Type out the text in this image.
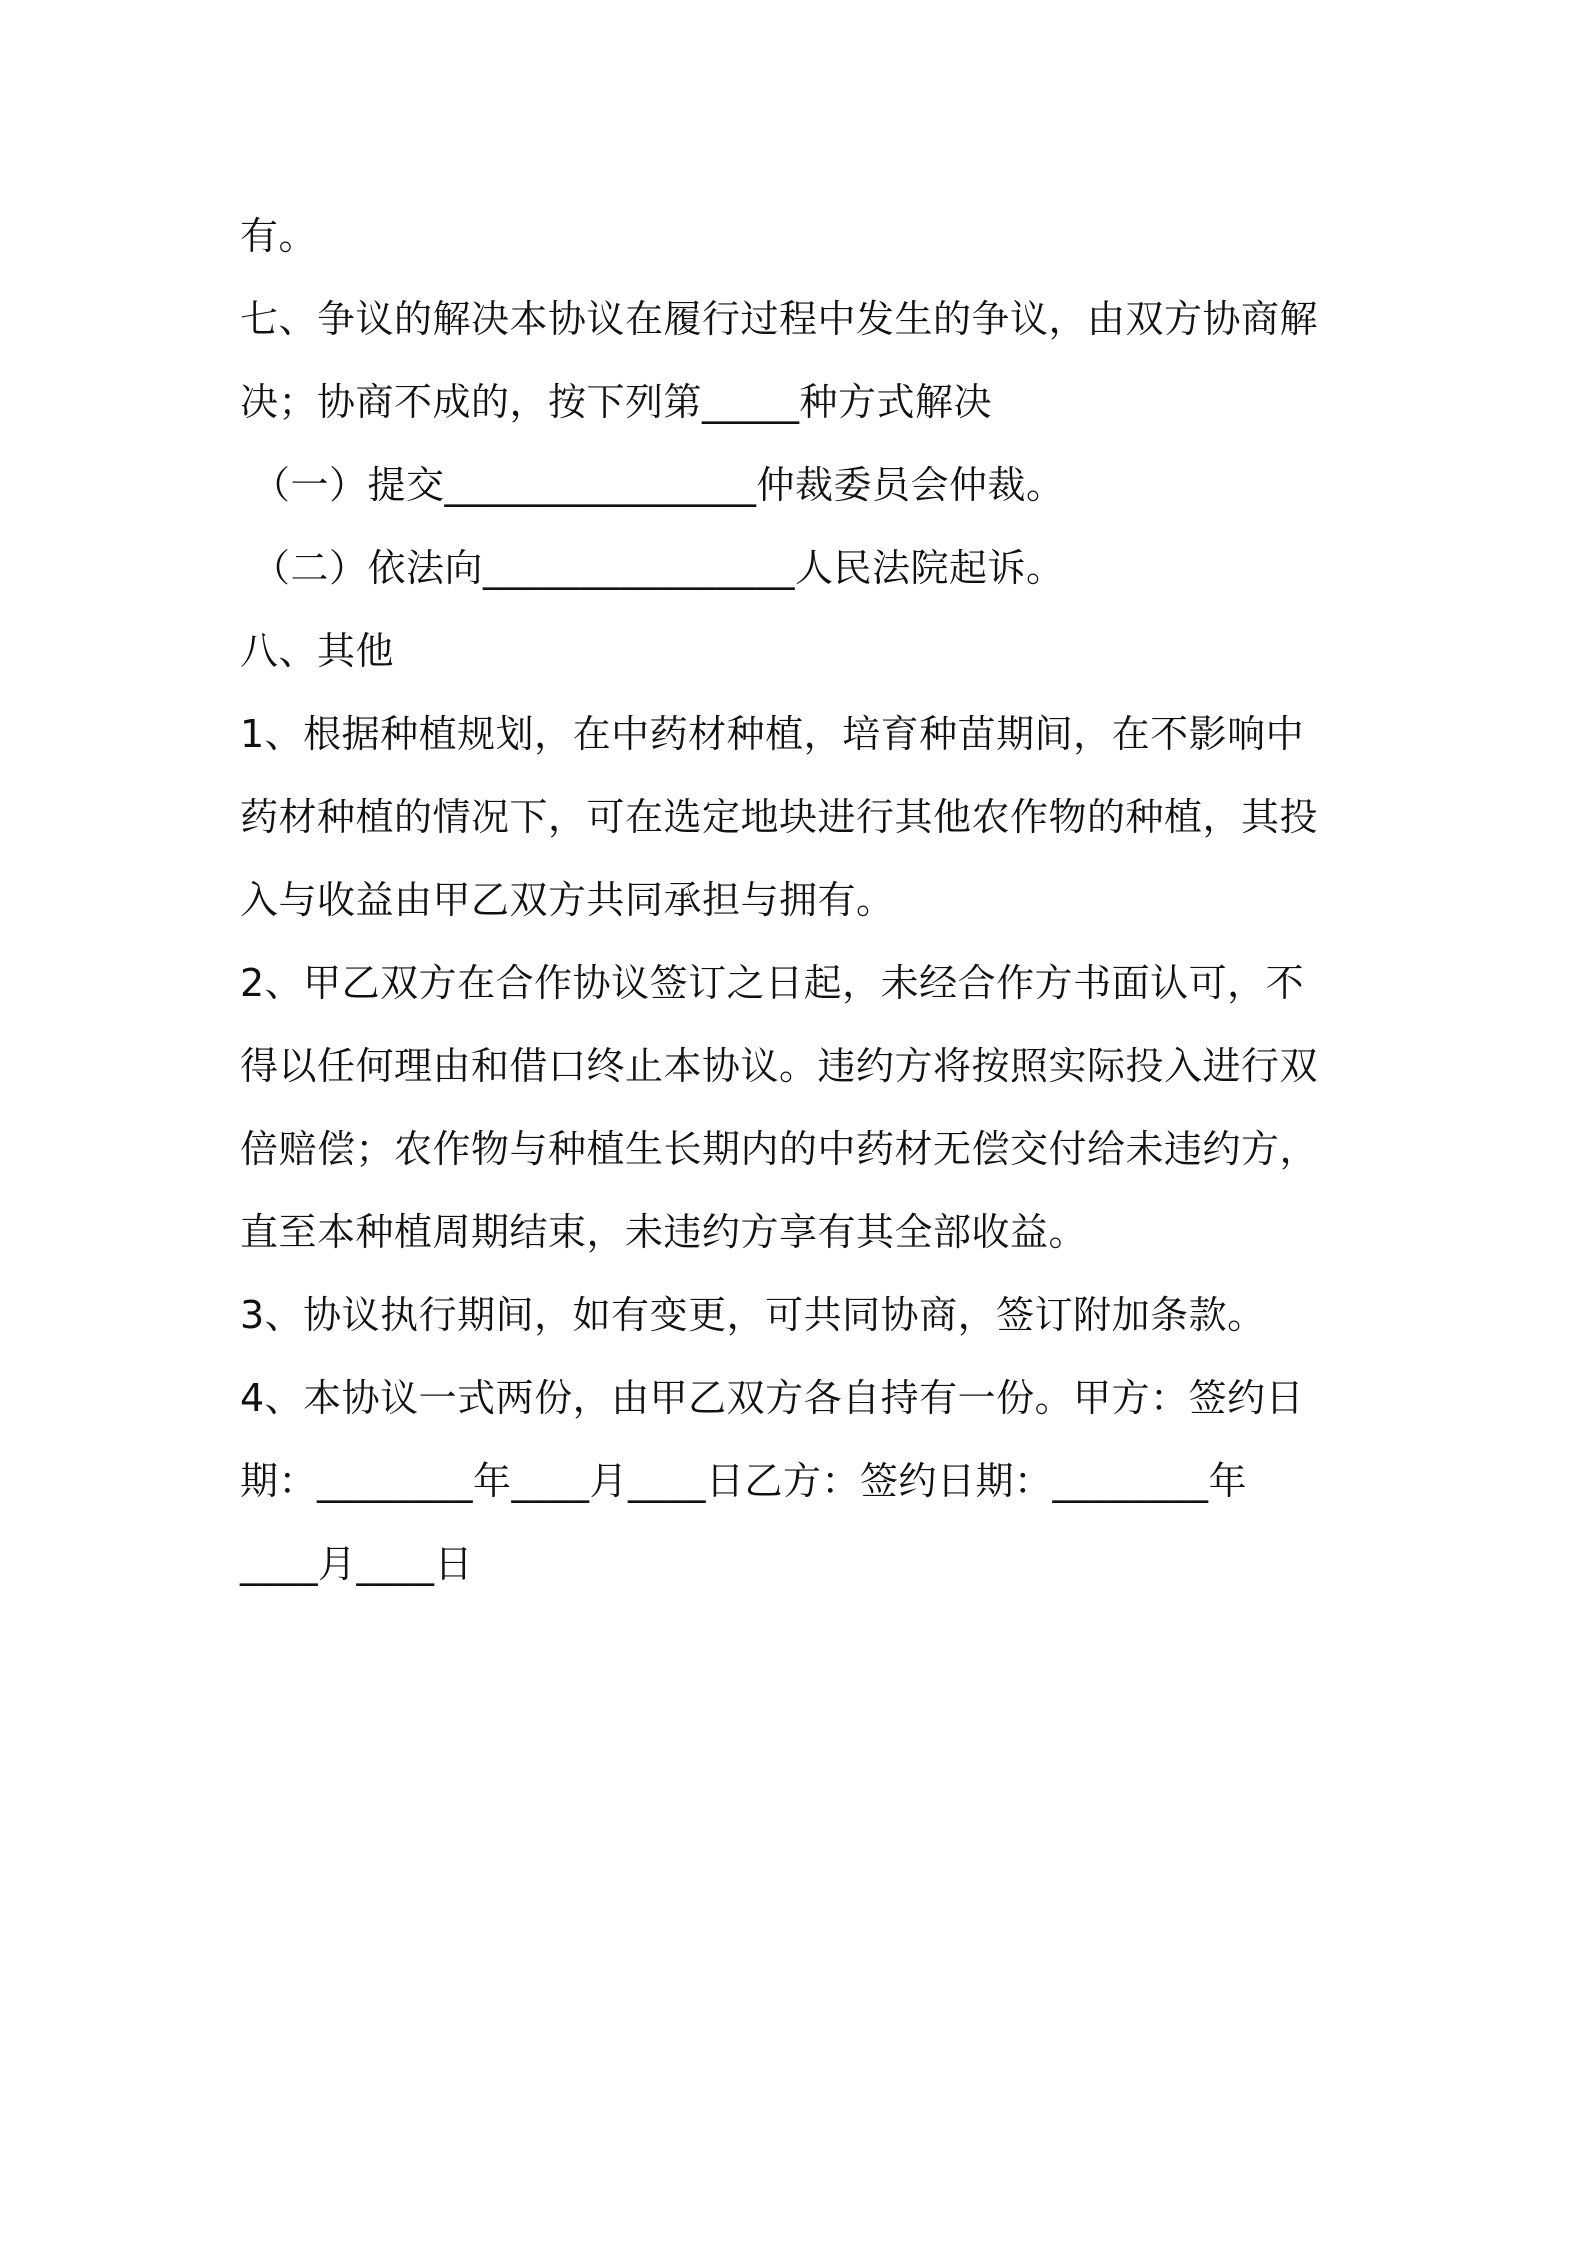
有。
七、争议的解决本协议在履行过程中发生的争议，由双方协商解
决；协商不成的，按下列第_____种方式解决
（一）提交________________仲裁委员会仲裁。
（二）依法向________________人民法院起诉。
八、其他
1、根据种植规划，在中药材种植，培育种苗期间，在不影响中
药材种植的情况下，可在选定地块进行其他农作物的种植，其投
入与收益由甲乙双方共同承担与拥有。
2、甲乙双方在合作协议签订之日起，未经合作方书面认可，不
得以任何理由和借口终止本协议。违约方将按照实际投入进行双
倍赔偿；农作物与种植生长期内的中药材无偿交付给未违约方，
直至本种植周期结束，未违约方享有其全部收益。
3、协议执行期间，如有变更，可共同协商，签订附加条款。
4、本协议一式两份，由甲乙双方各自持有一份。甲方：签约日
期：________年____月____日乙方：签约日期：________年
____月____日
